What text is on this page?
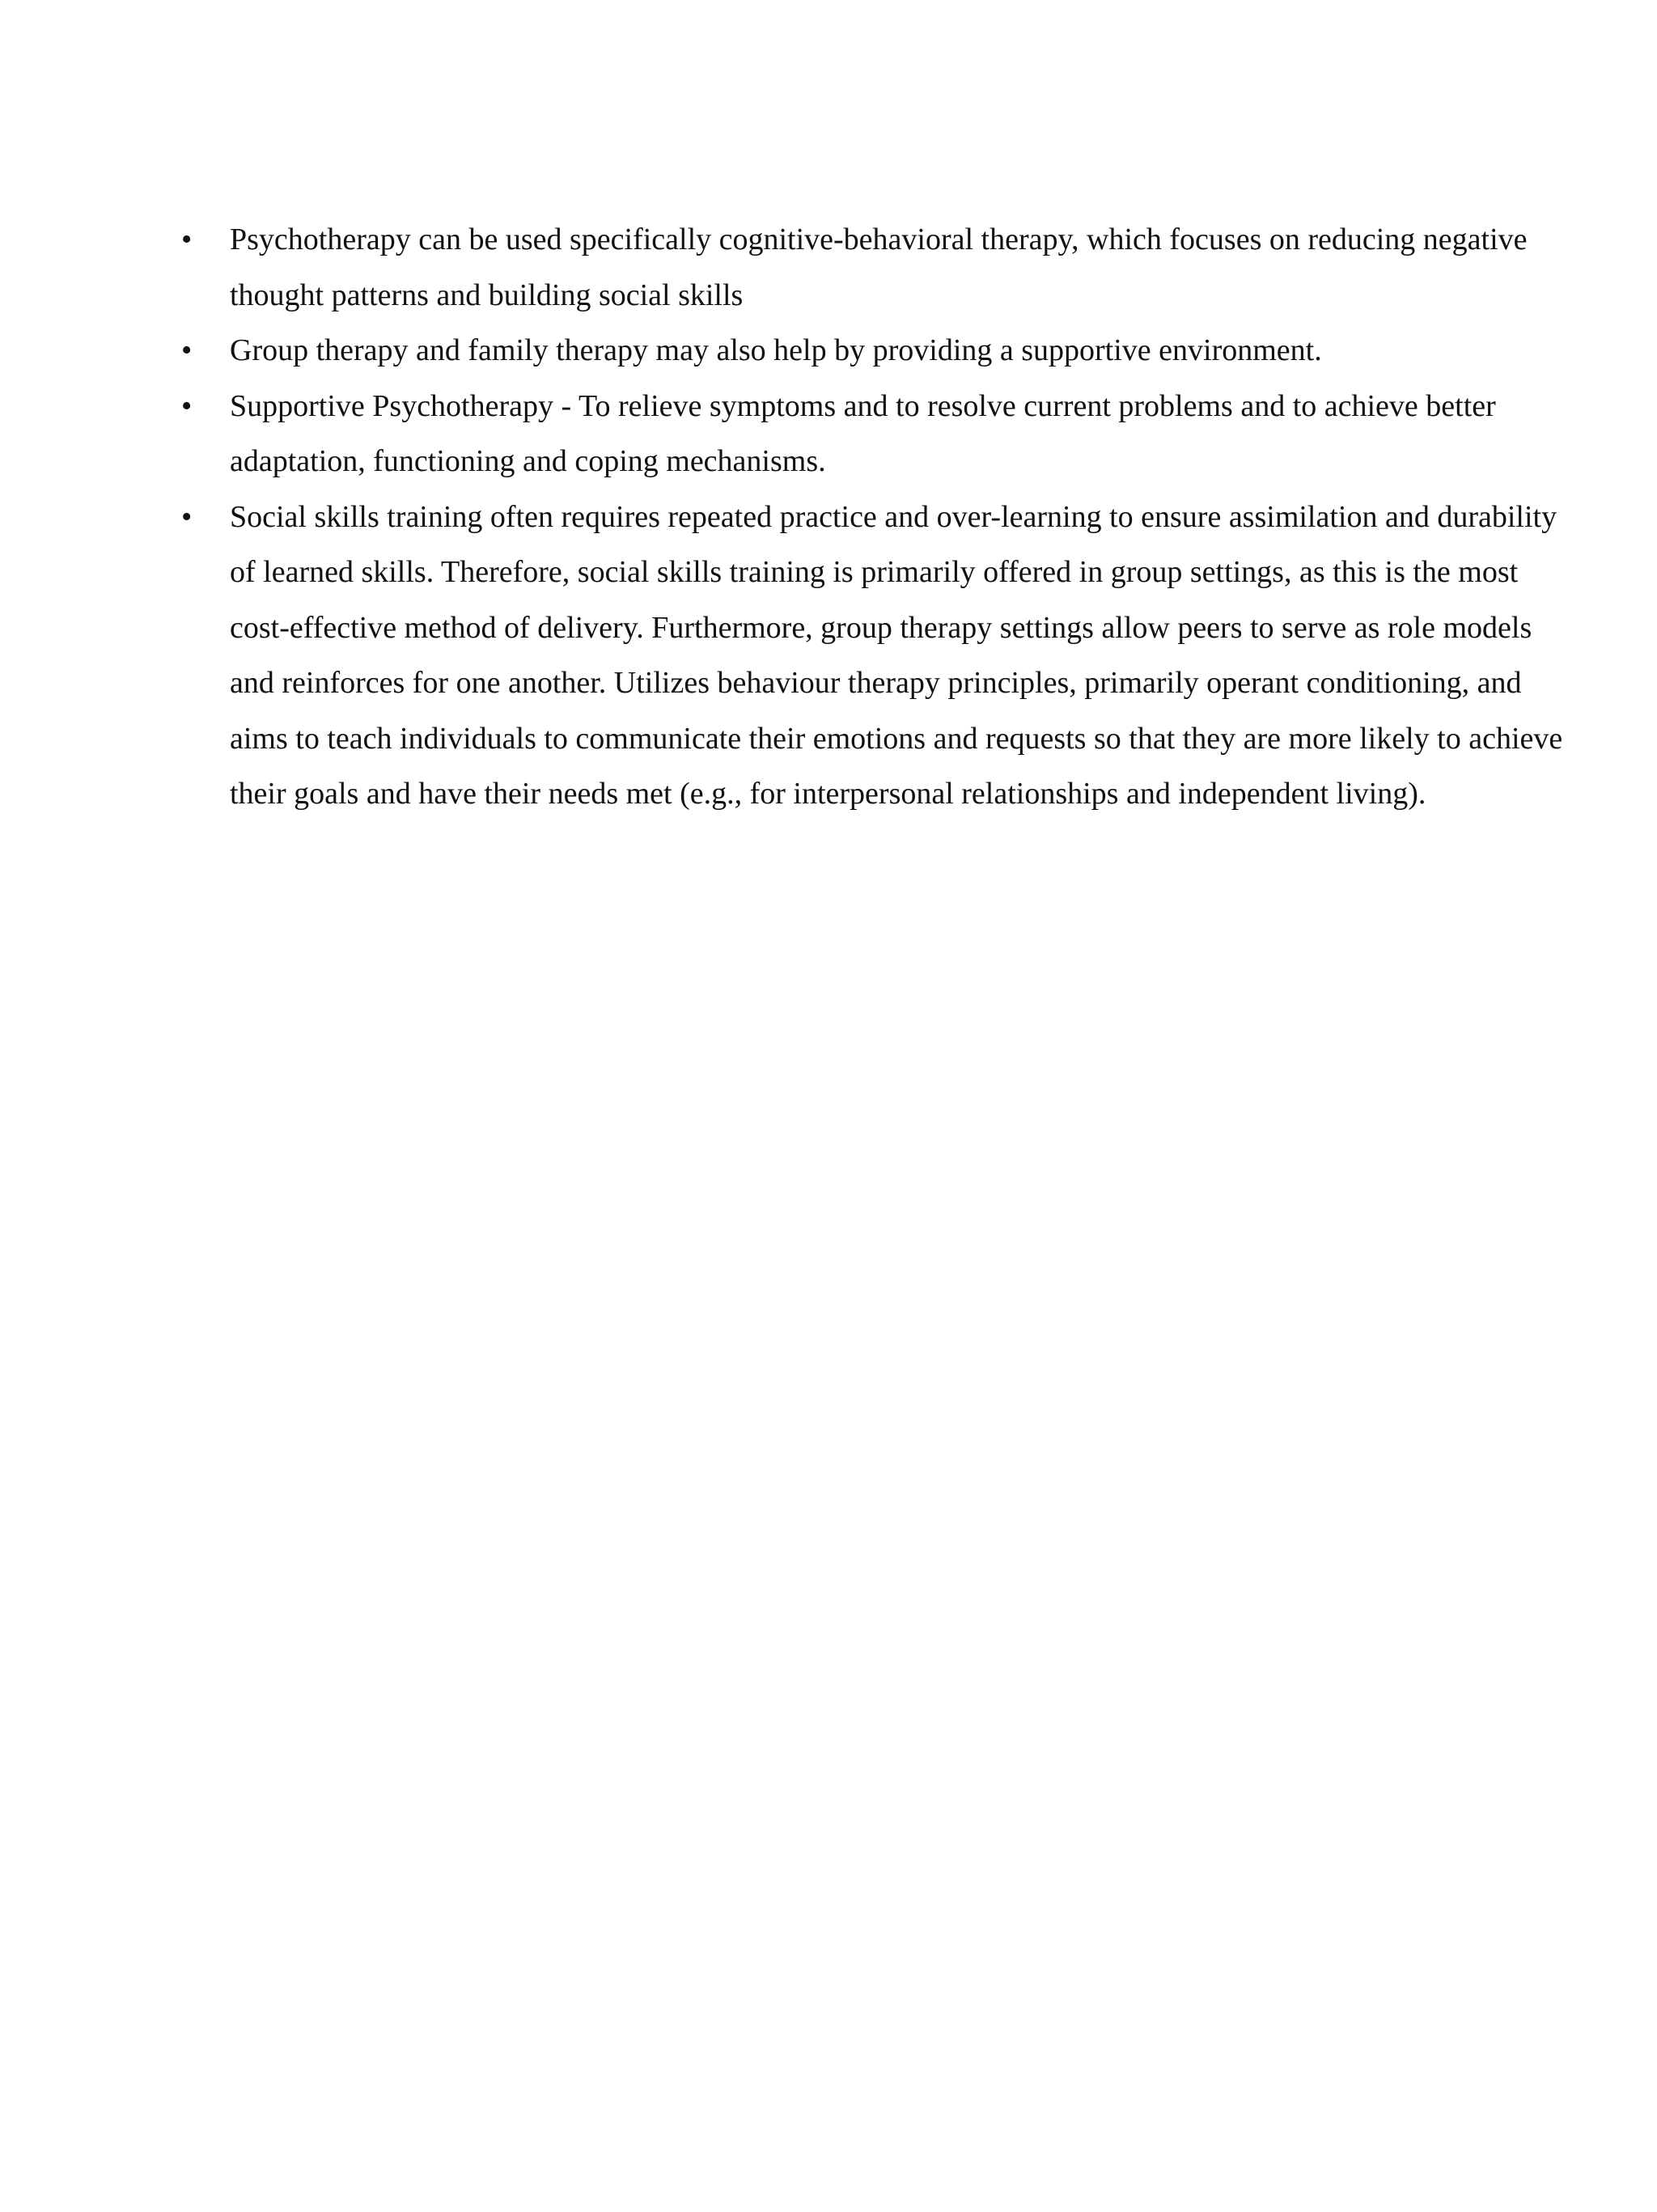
•	Psychotherapy can be used specifically cognitive-behavioral therapy, which focuses on reducing negative thought patterns and building social skills
•	Group therapy and family therapy may also help by providing a supportive environment.
•	Supportive Psychotherapy - To relieve symptoms and to resolve current problems and to achieve better adaptation, functioning and coping mechanisms.
•	Social skills training often requires repeated practice and over-learning to ensure assimilation and durability of learned skills. Therefore, social skills training is primarily offered in group settings, as this is the most cost-effective method of delivery. Furthermore, group therapy settings allow peers to serve as role models and reinforces for one another. Utilizes behaviour therapy principles, primarily operant conditioning, and aims to teach individuals to communicate their emotions and requests so that they are more likely to achieve their goals and have their needs met (e.g., for interpersonal relationships and independent living).
